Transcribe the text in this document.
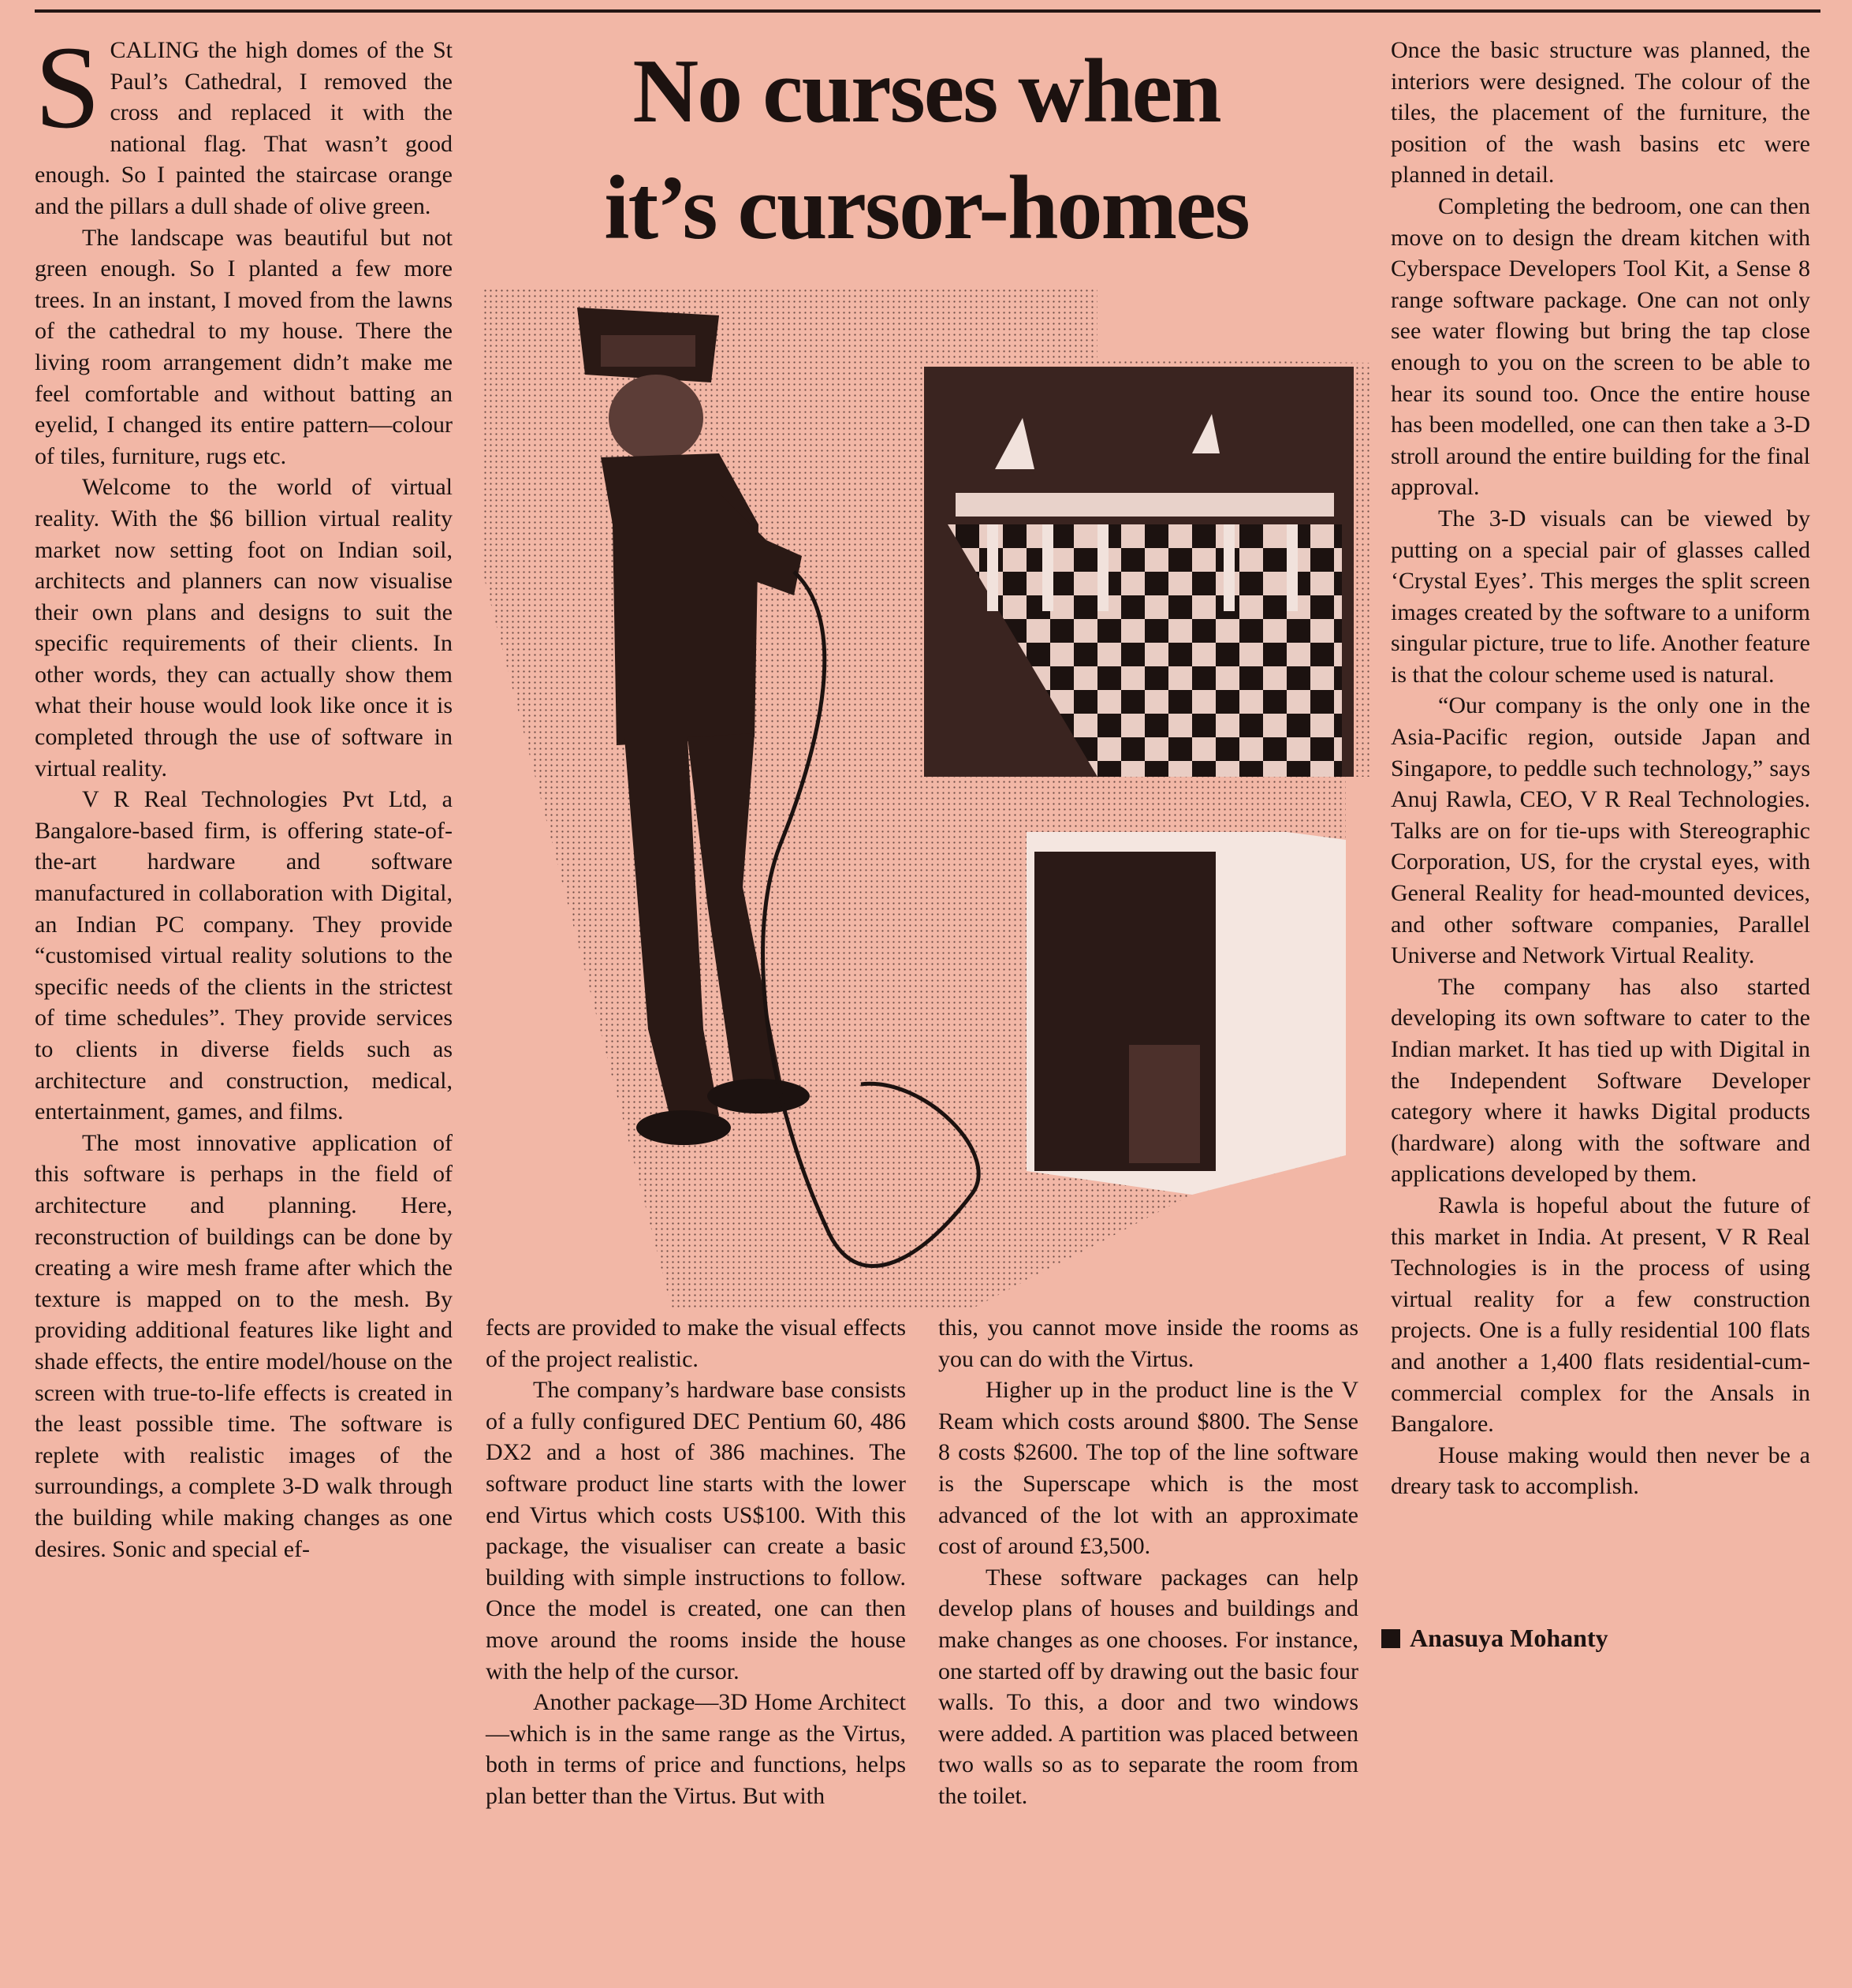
SCALING the high domes of the St Paul’s Cathedral, I removed the cross and replaced it with the national flag. That wasn’t good enough. So I painted the staircase orange and the pillars a dull shade of olive green.

The landscape was beautiful but not green enough. So I planted a few more trees. In an instant, I moved from the lawns of the cathedral to my house. There the living room arrangement didn’t make me feel comfortable and without batting an eyelid, I changed its entire pattern—colour of tiles, furniture, rugs etc.

Welcome to the world of virtual reality. With the $6 billion virtual reality market now setting foot on Indian soil, architects and planners can now visualise their own plans and designs to suit the specific requirements of their clients. In other words, they can actually show them what their house would look like once it is completed through the use of software in virtual reality.

V R Real Technologies Pvt Ltd, a Bangalore-based firm, is offering state-of-the-art hardware and software manufactured in collaboration with Digital, an Indian PC company. They provide “customised virtual reality solutions to the specific needs of the clients in the strictest of time schedules”. They provide services to clients in diverse fields such as architecture and construction, medical, entertainment, games, and films.

The most innovative application of this software is perhaps in the field of architecture and planning. Here, reconstruction of buildings can be done by creating a wire mesh frame after which the texture is mapped on to the mesh. By providing additional features like light and shade effects, the entire model/house on the screen with true-to-life effects is created in the least possible time. The software is replete with realistic images of the surroundings, a complete 3-D walk through the building while making changes as one desires. Sonic and special ef-

No curses when
it’s cursor-homes

fects are provided to make the visual effects of the project realistic.

The company’s hardware base consists of a fully configured DEC Pentium 60, 486 DX2 and a host of 386 machines. The software product line starts with the lower end Virtus which costs US$100. With this package, the visualiser can create a basic building with simple instructions to follow. Once the model is created, one can then move around the rooms inside the house with the help of the cursor.

Another package—3D Home Architect—which is in the same range as the Virtus, both in terms of price and functions, helps plan better than the Virtus. But with

this, you cannot move inside the rooms as you can do with the Virtus.

Higher up in the product line is the V Ream which costs around $800. The Sense 8 costs $2600. The top of the line software is the Superscape which is the most advanced of the lot with an approximate cost of around £3,500.

These software packages can help develop plans of houses and buildings and make changes as one chooses. For instance, one started off by drawing out the basic four walls. To this, a door and two windows were added. A partition was placed between two walls so as to separate the room from the toilet.

Once the basic structure was planned, the interiors were designed. The colour of the tiles, the placement of the furniture, the position of the wash basins etc were planned in detail.

Completing the bedroom, one can then move on to design the dream kitchen with Cyberspace Developers Tool Kit, a Sense 8 range software package. One can not only see water flowing but bring the tap close enough to you on the screen to be able to hear its sound too. Once the entire house has been modelled, one can then take a 3-D stroll around the entire building for the final approval.

The 3-D visuals can be viewed by putting on a special pair of glasses called ‘Crystal Eyes’. This merges the split screen images created by the software to a uniform singular picture, true to life. Another feature is that the colour scheme used is natural.

“Our company is the only one in the Asia-Pacific region, outside Japan and Singapore, to peddle such technology,” says Anuj Rawla, CEO, V R Real Technologies. Talks are on for tie-ups with Stereographic Corporation, US, for the crystal eyes, with General Reality for head-mounted devices, and other software companies, Parallel Universe and Network Virtual Reality.

The company has also started developing its own software to cater to the Indian market. It has tied up with Digital in the Independent Software Developer category where it hawks Digital products (hardware) along with the software and applications developed by them.

Rawla is hopeful about the future of this market in India. At present, V R Real Technologies is in the process of using virtual reality for a few construction projects. One is a fully residential 100 flats and another a 1,400 flats residential-cum-commercial complex for the Ansals in Bangalore.

House making would then never be a dreary task to accomplish.

Anasuya Mohanty
